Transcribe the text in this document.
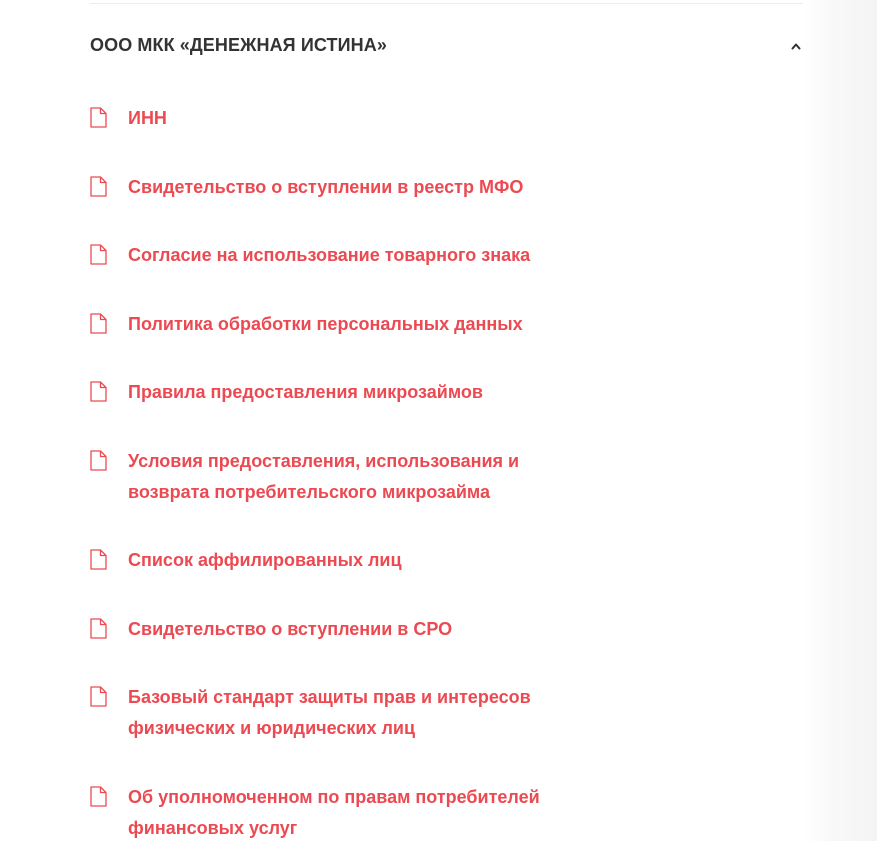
ООО МКК «ДЕНЕЖНАЯ ИСТИНА»
ИНН
Свидетельство о вступлении в реестр МФО
Согласие на использование товарного знака
Политика обработки персональных данных
Правила предоставления микрозаймов
Условия предоставления, использования и возврата потребительского микрозайма
Список аффилированных лиц
Свидетельство о вступлении в СРО
Базовый стандарт защиты прав и интересов физических и юридических лиц
Об уполномоченном по правам потребителей финансовых услуг
